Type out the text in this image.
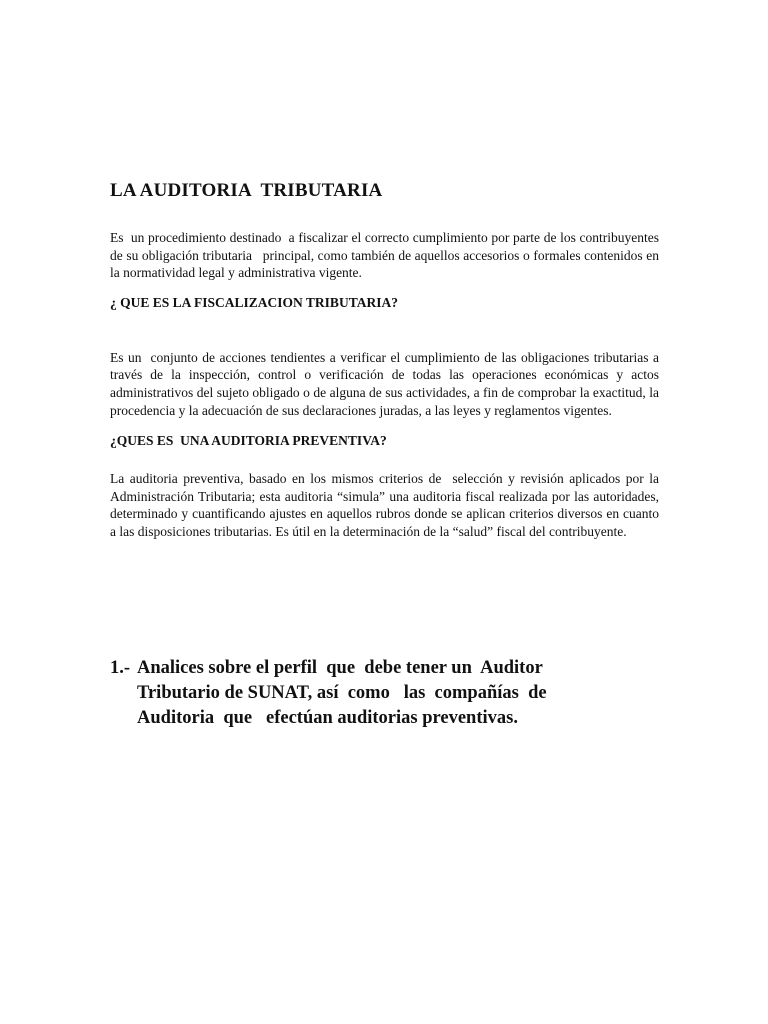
LA AUDITORIA  TRIBUTARIA

Es  un procedimiento destinado  a fiscalizar el correcto cumplimiento por parte de los contribuyentes de su obligación tributaria   principal, como también de aquellos accesorios o formales contenidos en la normatividad legal y administrativa vigente.

¿ QUE ES LA FISCALIZACION TRIBUTARIA?

Es un  conjunto de acciones tendientes a verificar el cumplimiento de las obligaciones tributarias a través de la inspección, control o verificación de todas las operaciones económicas y actos administrativos del sujeto obligado o de alguna de sus actividades, a fin de comprobar la exactitud, la procedencia y la adecuación de sus declaraciones juradas, a las leyes y reglamentos vigentes.

¿QUES ES  UNA AUDITORIA PREVENTIVA?

La auditoria preventiva, basado en los mismos criterios de  selección y revisión aplicados por la Administración Tributaria; esta auditoria “simula” una auditoria fiscal realizada por las autoridades, determinado y cuantificando ajustes en aquellos rubros donde se aplican criterios diversos en cuanto a las disposiciones tributarias. Es útil en la determinación de la “salud” fiscal del contribuyente.

1.- Analices sobre el perfil  que  debe tener un  Auditor
Tributario de SUNAT, así  como   las  compañías  de
Auditoria  que   efectúan auditorias preventivas.
